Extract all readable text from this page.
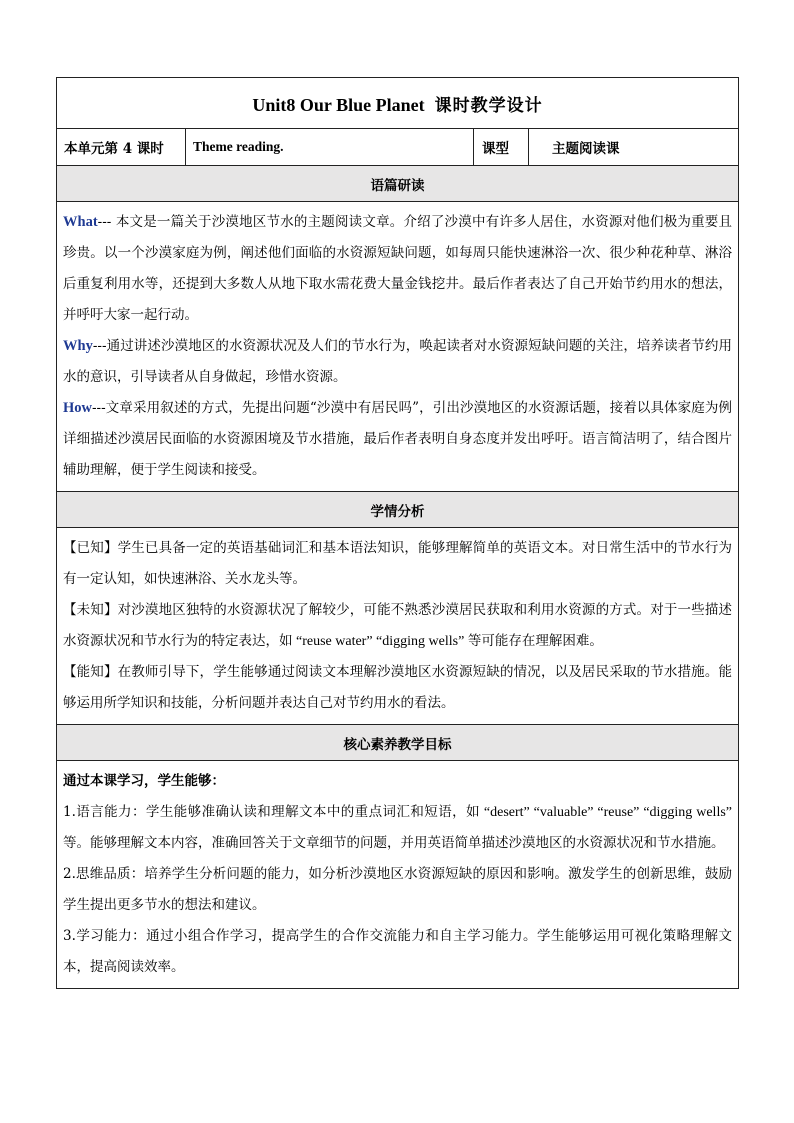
Unit8 Our Blue Planet 课时教学设计
本单元第 4 课时	Theme reading.	课型	主题阅读课
语篇研读

What--- 本文是一篇关于沙漠地区节水的主题阅读文章。介绍了沙漠中有许多人居住，水资源对他们极为重要且珍贵。以一个沙漠家庭为例，阐述他们面临的水资源短缺问题，如每周只能快速淋浴一次、很少种花种草、淋浴后重复利用水等，还提到大多数人从地下取水需花费大量金钱挖井。最后作者表达了自己开始节约用水的想法，并呼吁大家一起行动。

Why---通过讲述沙漠地区的水资源状况及人们的节水行为，唤起读者对水资源短缺问题的关注，培养读者节约用水的意识，引导读者从自身做起，珍惜水资源。

How---文章采用叙述的方式，先提出问题“沙漠中有居民吗”，引出沙漠地区的水资源话题，接着以具体家庭为例详细描述沙漠居民面临的水资源困境及节水措施，最后作者表明自身态度并发出呼吁。语言简洁明了，结合图片辅助理解，便于学生阅读和接受。

学情分析

【已知】学生已具备一定的英语基础词汇和基本语法知识，能够理解简单的英语文本。对日常生活中的节水行为有一定认知，如快速淋浴、关水龙头等。

【未知】对沙漠地区独特的水资源状况了解较少，可能不熟悉沙漠居民获取和利用水资源的方式。对于一些描述水资源状况和节水行为的特定表达，如 “reuse water” “digging wells” 等可能存在理解困难。

【能知】在教师引导下，学生能够通过阅读文本理解沙漠地区水资源短缺的情况，以及居民采取的节水措施。能够运用所学知识和技能，分析问题并表达自己对节约用水的看法。

核心素养教学目标

通过本课学习，学生能够：

1.语言能力：学生能够准确认读和理解文本中的重点词汇和短语，如 “desert” “valuable” “reuse” “digging wells” 等。能够理解文本内容，准确回答关于文章细节的问题，并用英语简单描述沙漠地区的水资源状况和节水措施。

2.思维品质：培养学生分析问题的能力，如分析沙漠地区水资源短缺的原因和影响。激发学生的创新思维，鼓励学生提出更多节水的想法和建议。

3.学习能力：通过小组合作学习，提高学生的合作交流能力和自主学习能力。学生能够运用可视化策略理解文本，提高阅读效率。
